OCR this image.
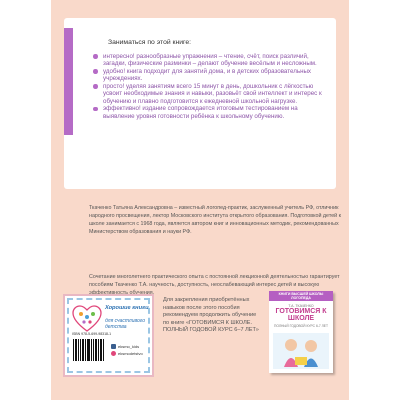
Заниматься по этой книге:
интересно! разнообразные упражнения – чтение, счёт, поиск различий, загадки, физические разминки – делают обучение весёлым и несложным.
удобно! книга подходит для занятий дома, и в детских образовательных учреждениях.
просто! уделяя занятиям всего 15 минут в день, дошкольник с лёгкостью усвоит необходимые знания и навыки, разовьёт свой интеллект и интерес к обучению и плавно подготовится к ежедневной школьной нагрузке.
эффективно! издание сопровождается итоговым тестированием на выявление уровня готовности ребёнка к школьному обучению.
Ткаченко Татьяна Александровна – известный логопед-практик, заслуженный учитель РФ, отличник народного просвещения, лектор Московского института открытого образования. Подготовкой детей к школе занимается с 1968 года, является автором книг и инновационных методик, рекомендованных Министерством образования и науки РФ.
Сочетание многолетнего практического опыта с постоянной лекционной деятельностью гарантирует пособиям Ткаченко Т.А. научность, доступность, неослабевающий интерес детей и высокую
Хорошие книги
для счастливого детства
ISBN 978-5-699-98318-1
eksmo_kids
eksmodetstvo
Для закрепления приобретённых навыков после этого пособия рекомендуем продолжить обучение по книге «ГОТОВИМСЯ К ШКОЛЕ. ПОЛНЫЙ ГОДОВОЙ КУРС 6–7 ЛЕТ»
КНИГИ ВЫСШЕЙ ШКОЛЫ ЛОГОПЕДА
Т.А. ТКАЧЕНКО
ГОТОВИМСЯ К ШКОЛЕ
ПОЛНЫЙ ГОДОВОЙ КУРС 6-7 ЛЕТ
